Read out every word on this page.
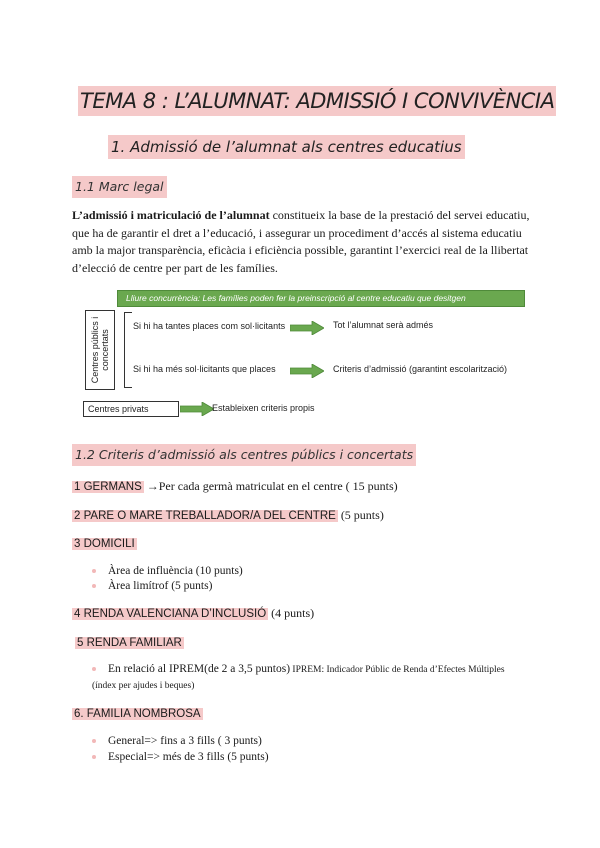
TEMA 8 : L’ALUMNAT: ADMISSIÓ I CONVIVÈNCIA
1. Admissió de l’alumnat als centres educatius
1.1 Marc legal
L’admissió i matriculació de l’alumnat constitueix la base de la prestació del servei educatiu, que ha de garantir el dret a l’educació, i assegurar un procediment d’accés al sistema educatiu amb la major transparència, eficàcia i eficiència possible, garantint l’exercici real de la llibertat d’elecció de centre per part de les famílies.
Lliure concurrència: Les famílies poden fer la preinscripció al centre educatiu que desitgen
Centres públics i concertats
Si hi ha tantes places com sol·licitants	Tot l’alumnat serà admés
Si hi ha més sol·licitants que places	Criteris d’admissió (garantint escolarització)
Centres privats	Estableixen criteris propis
1.2 Criteris d’admissió als centres públics i concertats
1 GERMANS →Per cada germà matriculat en el centre ( 15 punts)
2 PARE O MARE TREBALLADOR/A DEL CENTRE (5 punts)
3 DOMICILI
Àrea de influència (10 punts)
Àrea limítrof (5 punts)
4 RENDA VALENCIANA D’INCLUSIÓ (4 punts)
5 RENDA FAMILIAR
En relació al IPREM(de 2 a 3,5 puntos) IPREM: Indicador Públic de Renda d’Efectes Múltiples (índex per ajudes i beques)
6. FAMILIA NOMBROSA
General=> fins a 3 fills ( 3 punts)
Especial=> més de 3 fills (5 punts)
